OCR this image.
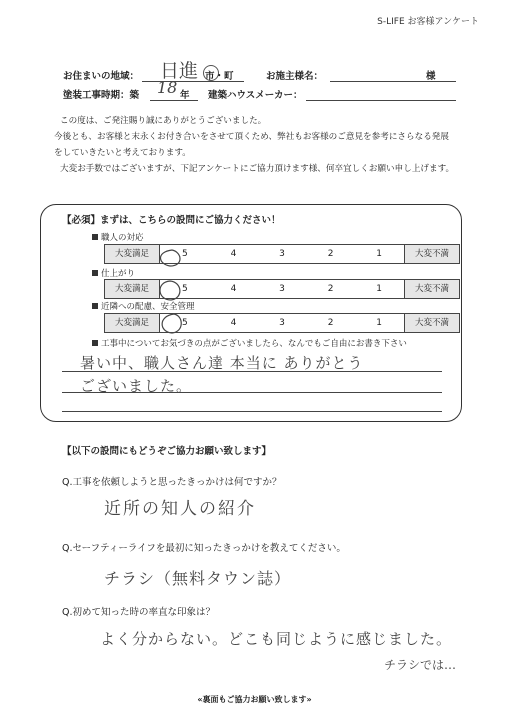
S-LIFE お客様アンケート
お住まいの地域： 日進 市・町	お施主様名：	様
塗装工事時期：築 18 年 建築ハウスメーカー：
この度は、ご発注賜り誠にありがとうございました。
今後とも、お客様と末永くお付き合いをさせて頂くため、弊社もお客様のご意見を参考にさらなる発展
をしていきたいと考えております。
大変お手数ではございますが、下記アンケートにご協力頂けます様、何卒宜しくお願い申し上げます。
【必須】まずは、こちらの設問にご協力ください！
職人の対応
大変満足	5	4	3	2	1	大変不満
仕上がり
大変満足	5	4	3	2	1	大変不満
近隣への配慮、安全管理
大変満足	5	4	3	2	1	大変不満
工事中についてお気づきの点がございましたら、なんでもご自由にお書き下さい
暑い中、職人さん達 本当に ありがとう
ございました。
【以下の設問にもどうぞご協力お願い致します】
Q.工事を依頼しようと思ったきっかけは何ですか？
近所の知人の紹介
Q.セーフティーライフを最初に知ったきっかけを教えてください。
チラシ（無料タウン誌）
Q.初めて知った時の率直な印象は？
よく分からない。どこも同じように感じました。
チラシでは…
«裏面もご協力お願い致します»
